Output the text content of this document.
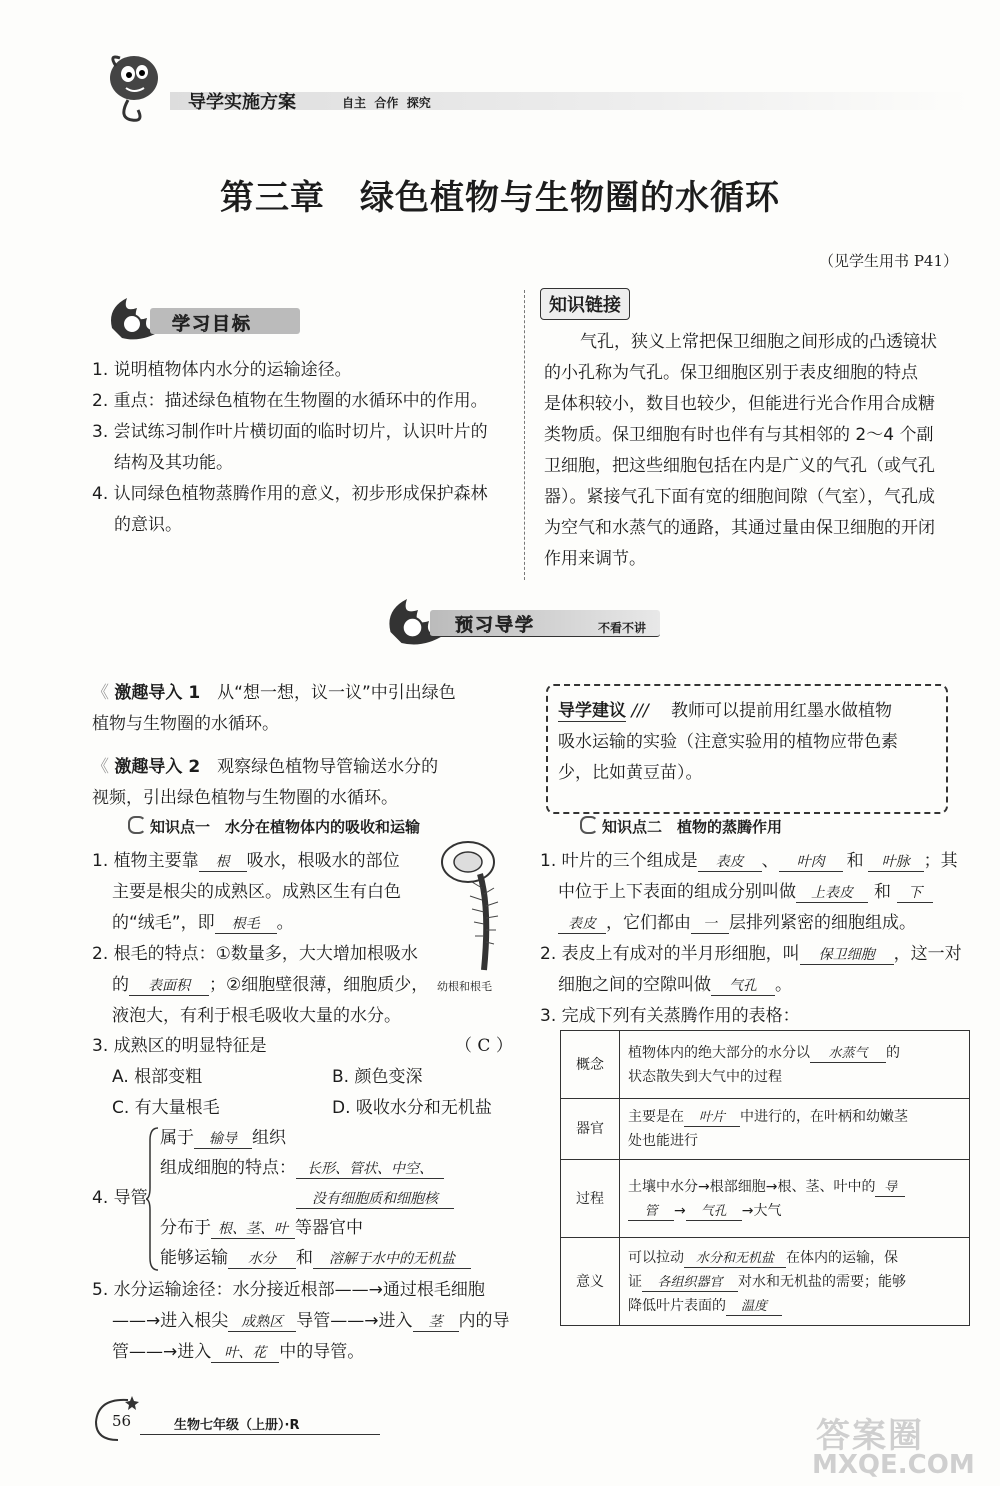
导学实施方案	自主  合作  探究
第三章　绿色植物与生物圈的水循环
（见学生用书 P41）
学习目标
1. 说明植物体内水分的运输途径。
2. 重点：描述绿色植物在生物圈的水循环中的作用。
3. 尝试练习制作叶片横切面的临时切片，认识叶片的
结构及其功能。
4. 认同绿色植物蒸腾作用的意义，初步形成保护森林
的意识。
知识链接
气孔，狭义上常把保卫细胞之间形成的凸透镜状
的小孔称为气孔。保卫细胞区别于表皮细胞的特点
是体积较小，数目也较少，但能进行光合作用合成糖
类物质。保卫细胞有时也伴有与其相邻的 2～4 个副
卫细胞，把这些细胞包括在内是广义的气孔（或气孔
器）。紧接气孔下面有宽的细胞间隙（气室），气孔成
为空气和水蒸气的通路，其通过量由保卫细胞的开闭
作用来调节。
预习导学	不看不讲
《 激趣导入 1　 从“想一想，议一议”中引出绿色
植物与生物圈的水循环。
《 激趣导入 2　 观察绿色植物导管输送水分的
视频，引出绿色植物与生物圈的水循环。
导学建议 /// 　教师可以提前用红墨水做植物
吸水运输的实验（注意实验用的植物应带色素
少，比如黄豆苗）。
知识点一　水分在植物体内的吸收和运输
1. 植物主要靠 根 吸水，根吸水的部位
主要是根尖的成熟区。成熟区生有白色
的“绒毛”，即 根毛 。
2. 根毛的特点：①数量多，大大增加根吸水
的 表面积 ；②细胞壁很薄，细胞质少，
液泡大，有利于根毛吸收大量的水分。
幼根和根毛
3. 成熟区的明显特征是	（ C ）
A. 根部变粗	B. 颜色变深
C. 有大量根毛	D. 吸收水分和无机盐
4. 导管
属于 输导 组织
组成细胞的特点： 长形、管状、中空、
没有细胞质和细胞核
分布于 根、茎、叶 等器官中
能够运输 水分 和 溶解于水中的无机盐
5. 水分运输途径：水分接近根部——→通过根毛细胞
——→进入根尖 成熟区 导管——→进入 茎 内的导
管——→进入 叶、花 中的导管。
知识点二　植物的蒸腾作用
1. 叶片的三个组成是 表皮 、 叶肉 和 叶脉 ；其
中位于上下表面的组成分别叫做 上表皮 和 下
表皮 ，它们都由 一 层排列紧密的细胞组成。
2. 表皮上有成对的半月形细胞，叫 保卫细胞 ，这一对
细胞之间的空隙叫做 气孔 。
3. 完成下列有关蒸腾作用的表格：
概念	植物体内的绝大部分的水分以 水蒸气 的
状态散失到大气中的过程
器官	主要是在 叶片 中进行的，在叶柄和幼嫩茎
处也能进行
过程	土壤中水分→根部细胞→根、茎、叶中的 导
管 → 气孔 →大气
意义	可以拉动 水分和无机盐 在体内的运输，保
证 各组织器官 对水和无机盐的需要；能够
降低叶片表面的 温度
56	生物七年级（上册）·R	答案圈
MXQE.COM
